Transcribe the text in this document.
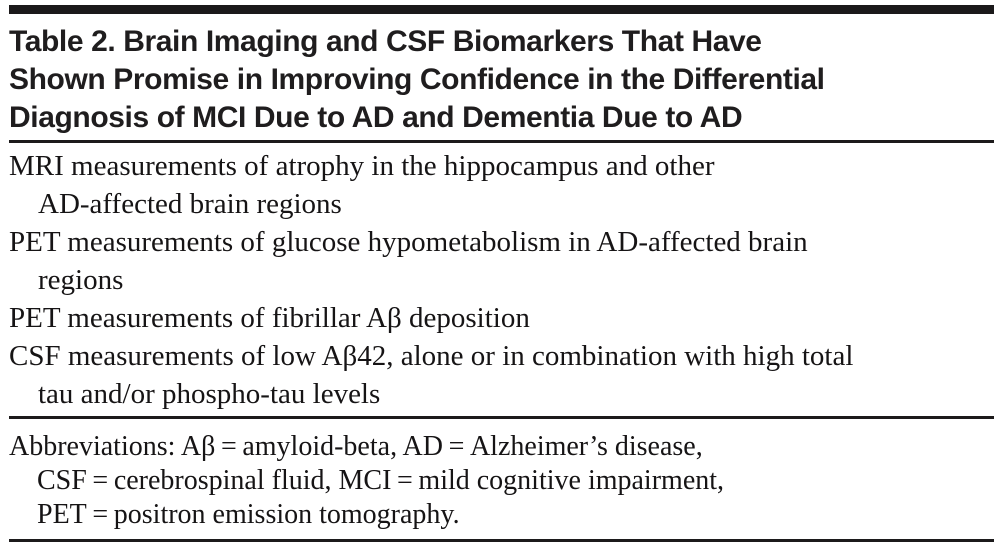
Table 2. Brain Imaging and CSF Biomarkers That Have
Shown Promise in Improving Confidence in the Differential
Diagnosis of MCI Due to AD and Dementia Due to AD
MRI measurements of atrophy in the hippocampus and other
AD-affected brain regions
PET measurements of glucose hypometabolism in AD-affected brain
regions
PET measurements of fibrillar Aβ deposition
CSF measurements of low Aβ42, alone or in combination with high total
tau and/or phospho-tau levels
Abbreviations: Aβ = amyloid-beta, AD = Alzheimer’s disease,
CSF = cerebrospinal fluid, MCI = mild cognitive impairment,
PET = positron emission tomography.
